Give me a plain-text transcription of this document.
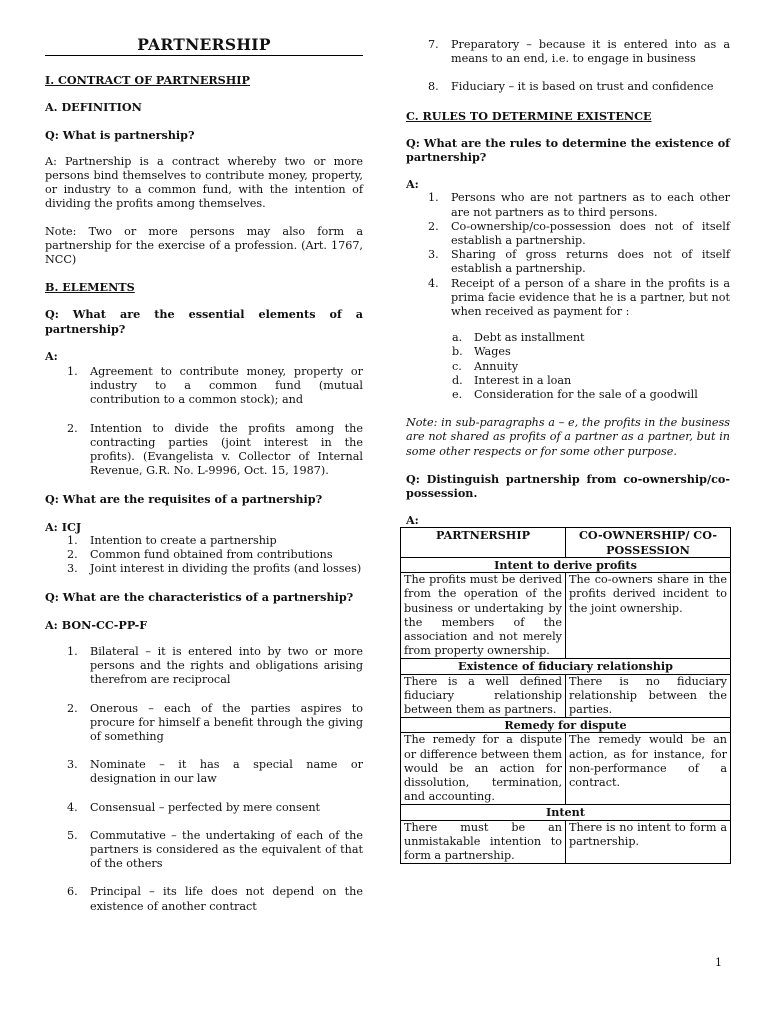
PARTNERSHIP

I. CONTRACT OF PARTNERSHIP

A. DEFINITION

Q: What is partnership?

A: Partnership is a contract whereby two or more persons bind themselves to contribute money, property, or industry to a common fund, with the intention of dividing the profits among themselves.

Note: Two or more persons may also form a partnership for the exercise of a profession. (Art. 1767, NCC)

B. ELEMENTS

Q: What are the essential elements of a partnership?

A:

1. Agreement to contribute money, property or industry to a common fund (mutual contribution to a common stock); and
2. Intention to divide the profits among the contracting parties (joint interest in the profits). (Evangelista v. Collector of Internal Revenue, G.R. No. L-9996, Oct. 15, 1987).

Q: What are the requisites of a partnership?

A: ICJ

1. Intention to create a partnership
2. Common fund obtained from contributions
3. Joint interest in dividing the profits (and losses)

Q: What are the characteristics of a partnership?

A: BON-CC-PP-F

1. Bilateral – it is entered into by two or more persons and the rights and obligations arising therefrom are reciprocal
2. Onerous – each of the parties aspires to procure for himself a benefit through the giving of something
3. Nominate – it has a special name or designation in our law
4. Consensual – perfected by mere consent
5. Commutative – the undertaking of each of the partners is considered as the equivalent of that of the others
6. Principal – its life does not depend on the existence of another contract
7. Preparatory – because it is entered into as a means to an end, i.e. to engage in business
8. Fiduciary – it is based on trust and confidence

C. RULES TO DETERMINE EXISTENCE

Q: What are the rules to determine the existence of partnership?

A:

1. Persons who are not partners as to each other are not partners as to third persons.
2. Co-ownership/co-possession does not of itself establish a partnership.
3. Sharing of gross returns does not of itself establish a partnership.
4. Receipt of a person of a share in the profits is a prima facie evidence that he is a partner, but not when received as payment for :
a. Debt as installment
b. Wages
c. Annuity
d. Interest in a loan
e. Consideration for the sale of a goodwill

Note: in sub-paragraphs a – e, the profits in the business are not shared as profits of a partner as a partner, but in some other respects or for some other purpose.

Q: Distinguish partnership from co-ownership/co-possession.

A:

PARTNERSHIP	CO-OWNERSHIP/ CO-POSSESSION
Intent to derive profits	
The profits must be derived from the operation of the business or undertaking by the members of the association and not merely from property ownership.	The co-owners share in the profits derived incident to the joint ownership.
Existence of fiduciary relationship	
There is a well defined fiduciary relationship between them as partners.	There is no fiduciary relationship between the parties.
Remedy for dispute	
The remedy for a dispute or difference between them would be an action for dissolution, termination, and accounting.	The remedy would be an action, as for instance, for non-performance of a contract.
Intent	
There must be an unmistakable intention to form a partnership.	There is no intent to form a partnership.
1
